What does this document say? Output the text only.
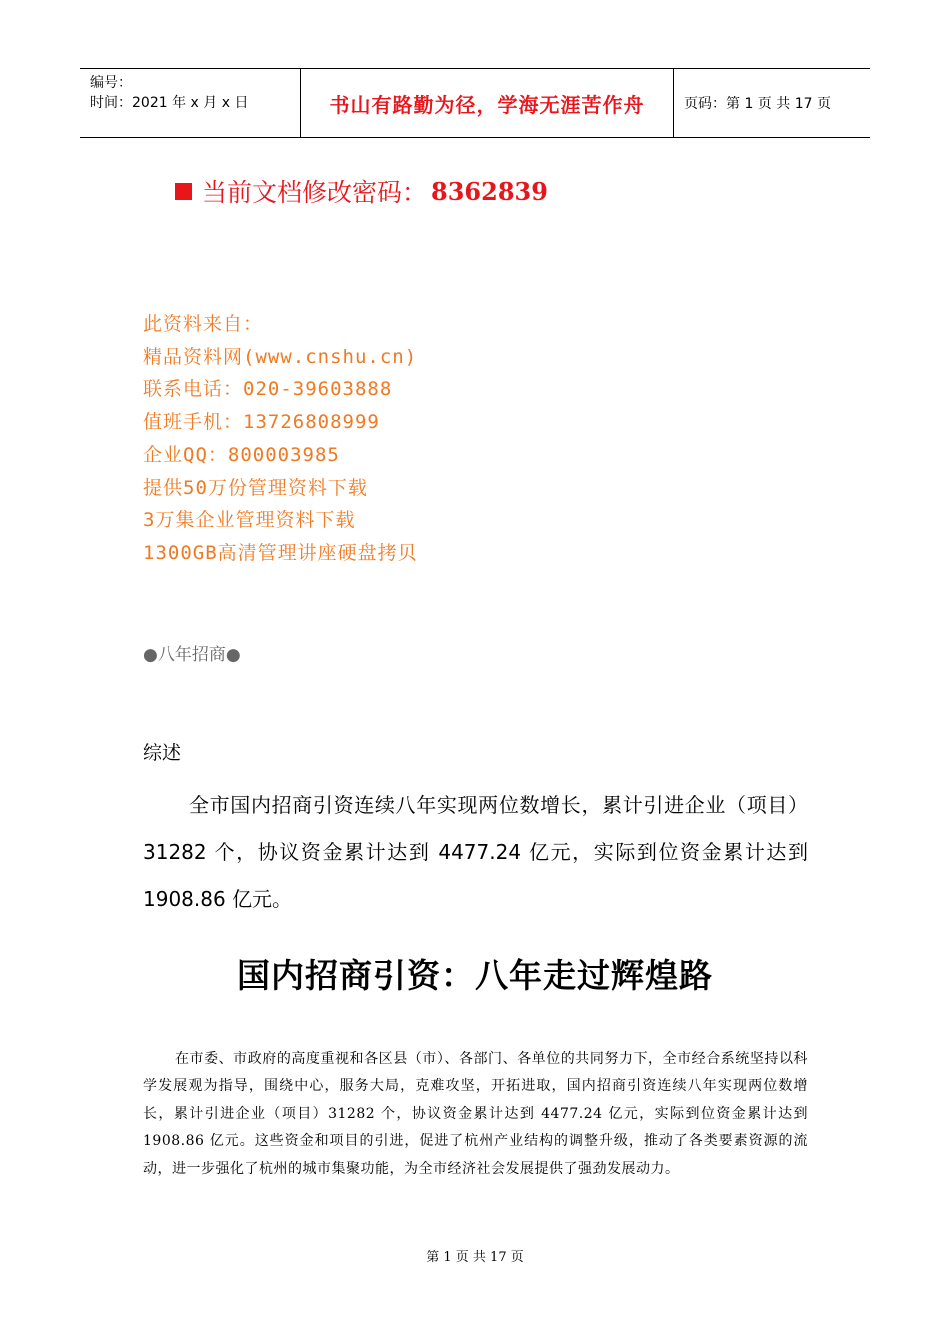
编号：
时间：2021 年 x 月 x 日	书山有路勤为径，学海无涯苦作舟	页码：第 1 页 共 17 页
当前文档修改密码： 8362839
此资料来自：
精品资料网(www.cnshu.cn)
联系电话：020-39603888
值班手机：13726808999
企业QQ：800003985
提供50万份管理资料下载
3万集企业管理资料下载
1300GB高清管理讲座硬盘拷贝
●八年招商●
综述
全市国内招商引资连续八年实现两位数增长，累计引进企业（项目）31282 个，协议资金累计达到 4477.24 亿元，实际到位资金累计达到 1908.86 亿元。
国内招商引资：八年走过辉煌路
在市委、市政府的高度重视和各区县（市）、各部门、各单位的共同努力下，全市经合系统坚持以科学发展观为指导，围绕中心，服务大局，克难攻坚，开拓进取，国内招商引资连续八年实现两位数增长，累计引进企业（项目）31282 个，协议资金累计达到 4477.24 亿元，实际到位资金累计达到 1908.86 亿元。这些资金和项目的引进，促进了杭州产业结构的调整升级，推动了各类要素资源的流动，进一步强化了杭州的城市集聚功能，为全市经济社会发展提供了强劲发展动力。
第 1 页 共 17 页
